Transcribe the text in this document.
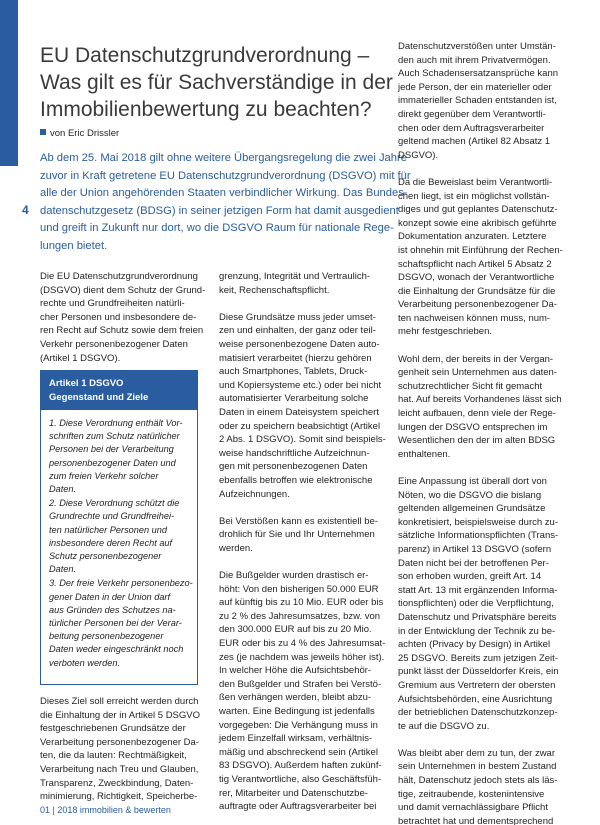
4
EU Datenschutzgrundverordnung –
Was gilt es für Sachverständige in der
Immobilienbewertung zu beachten?
von Eric Drissler
Ab dem 25. Mai 2018 gilt ohne weitere Übergangsregelung die zwei Jahre
zuvor in Kraft getretene EU Datenschutzgrundverordnung (DSGVO) mit für
alle der Union angehörenden Staaten verbindlicher Wirkung. Das Bundes-
datenschutzgesetz (BDSG) in seiner jetzigen Form hat damit ausgedient
und greift in Zukunft nur dort, wo die DSGVO Raum für nationale Rege-
lungen bietet.
Die EU Datenschutzgrundverordnung
(DSGVO) dient dem Schutz der Grund-
rechte und Grundfreiheiten natürli-
cher Personen und insbesondere de-
ren Recht auf Schutz sowie dem freien
Verkehr personenbezogener Daten
(Artikel 1 DSGVO).
Artikel 1 DSGVO
Gegenstand und Ziele
1. Diese Verordnung enthält Vor-
schriften zum Schutz natürlicher
Personen bei der Verarbeitung
personenbezogener Daten und
zum freien Verkehr solcher
Daten.
2. Diese Verordnung schützt die
Grundrechte und Grundfreihei-
ten natürlicher Personen und
insbesondere deren Recht auf
Schutz personenbezogener
Daten.
3. Der freie Verkehr personenbezo-
gener Daten in der Union darf
aus Gründen des Schutzes na-
türlicher Personen bei der Verar-
beitung personenbezogener
Daten weder eingeschränkt noch
verboten werden.
Dieses Ziel soll erreicht werden durch
die Einhaltung der in Artikel 5 DSGVO
festgeschriebenen Grundsätze der
Verarbeitung personenbezogener Da-
ten, die da lauten: Rechtmäßigkeit,
Verarbeitung nach Treu und Glauben,
Transparenz, Zweckbindung, Daten-
minimierung, Richtigkeit, Speicherbe-
grenzung, Integrität und Vertraulich-
keit, Rechenschaftspflicht.
Diese Grundsätze muss jeder umset-
zen und einhalten, der ganz oder teil-
weise personenbezogene Daten auto-
matisiert verarbeitet (hierzu gehören
auch Smartphones, Tablets, Druck-
und Kopiersysteme etc.) oder bei nicht
automatisierter Verarbeitung solche
Daten in einem Dateisystem speichert
oder zu speichern beabsichtigt (Artikel
2 Abs. 1 DSGVO). Somit sind beispiels-
weise handschriftliche Aufzeichnun-
gen mit personenbezogenen Daten
ebenfalls betroffen wie elektronische
Aufzeichnungen.
Bei Verstößen kann es existentiell be-
drohlich für Sie und Ihr Unternehmen
werden.
Die Bußgelder wurden drastisch er-
höht: Von den bisherigen 50.000 EUR
auf künftig bis zu 10 Mio. EUR oder bis
zu 2 % des Jahresumsatzes, bzw. von
den 300.000 EUR auf bis zu 20 Mio.
EUR oder bis zu 4 % des Jahresumsat-
zes (je nachdem was jeweils höher ist).
In welcher Höhe die Aufsichtsbehör-
den Bußgelder und Strafen bei Verstö-
ßen verhängen werden, bleibt abzu-
warten. Eine Bedingung ist jedenfalls
vorgegeben: Die Verhängung muss in
jedem Einzelfall wirksam, verhältnis-
mäßig und abschreckend sein (Artikel
83 DSGVO). Außerdem haften zukünf-
tig Verantwortliche, also Geschäftsfüh-
rer, Mitarbeiter und Datenschutzbe-
auftragte oder Auftragsverarbeiter bei
Datenschutzverstößen unter Umstän-
den auch mit ihrem Privatvermögen.
Auch Schadensersatzansprüche kann
jede Person, der ein materieller oder
immaterieller Schaden entstanden ist,
direkt gegenüber dem Verantwortli-
chen oder dem Auftragsverarbeiter
geltend machen (Artikel 82 Absatz 1
DSGVO).
Da die Beweislast beim Verantwortli-
chen liegt, ist ein möglichst vollstän-
diges und gut geplantes Datenschutz-
konzept sowie eine akribisch geführte
Dokumentation anzuraten. Letztere
ist ohnehin mit Einführung der Rechen-
schaftspflicht nach Artikel 5 Absatz 2
DSGVO, wonach der Verantwortliche
die Einhaltung der Grundsätze für die
Verarbeitung personenbezogener Da-
ten nachweisen können muss, num-
mehr festgeschrieben.
Wohl dem, der bereits in der Vergan-
genheit sein Unternehmen aus daten-
schutzrechtlicher Sicht fit gemacht
hat. Auf bereits Vorhandenes lässt sich
leicht aufbauen, denn viele der Rege-
lungen der DSGVO entsprechen im
Wesentlichen den der im alten BDSG
enthaltenen.
Eine Anpassung ist überall dort von
Nöten, wo die DSGVO die bislang
geltenden allgemeinen Grundsätze
konkretisiert, beispielsweise durch zu-
sätzliche Informationspflichten (Trans-
parenz) in Artikel 13 DSGVO (sofern
Daten nicht bei der betroffenen Per-
son erhoben wurden, greift Art. 14
statt Art. 13 mit ergänzenden Informa-
tionspflichten) oder die Verpflichtung,
Datenschutz und Privatsphäre bereits
in der Entwicklung der Technik zu be-
achten (Privacy by Design) in Artikel
25 DSGVO. Bereits zum jetzigen Zeit-
punkt lässt der Düsseldorfer Kreis, ein
Gremium aus Vertretern der obersten
Aufsichtsbehörden, eine Ausrichtung
der betrieblichen Datenschutzkonzep-
te auf die DSGVO zu.
Was bleibt aber dem zu tun, der zwar
sein Unternehmen in bestem Zustand
hält, Datenschutz jedoch stets als läs-
tige, zeitraubende, kostenintensive
und damit vernachlässigbare Pflicht
betrachtet hat und dementsprechend
01 | 2018 immobilien & bewerten
